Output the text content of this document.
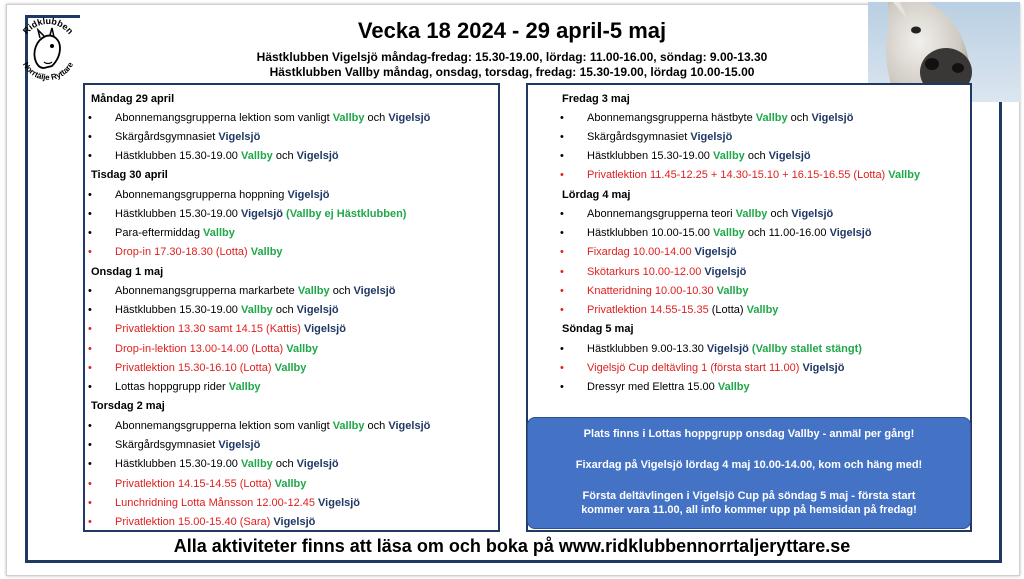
Ridklubben
Norrtälje Ryttare
Vecka 18 2024 - 29 april-5 maj
Hästklubben Vigelsjö måndag-fredag: 15.30-19.00, lördag: 11.00-16.00, söndag: 9.00-13.30
Hästklubben Vallby måndag, onsdag, torsdag, fredag: 15.30-19.00, lördag 10.00-15.00
Måndag 29 april
• Abonnemangsgrupperna lektion som vanligt Vallby och Vigelsjö
• Skärgårdsgymnasiet Vigelsjö
• Hästklubben 15.30-19.00 Vallby och Vigelsjö
Tisdag 30 april
• Abonnemangsgrupperna hoppning Vigelsjö
• Hästklubben 15.30-19.00 Vigelsjö (Vallby ej Hästklubben)
• Para-eftermiddag Vallby
• Drop-in 17.30-18.30 (Lotta) Vallby
Onsdag 1 maj
• Abonnemangsgrupperna markarbete Vallby och Vigelsjö
• Hästklubben 15.30-19.00 Vallby och Vigelsjö
• Privatlektion 13.30 samt 14.15 (Kattis) Vigelsjö
• Drop-in-lektion 13.00-14.00 (Lotta) Vallby
• Privatlektion 15.30-16.10 (Lotta) Vallby
• Lottas hoppgrupp rider Vallby
Torsdag 2 maj
• Abonnemangsgrupperna lektion som vanligt Vallby och Vigelsjö
• Skärgårdsgymnasiet Vigelsjö
• Hästklubben 15.30-19.00 Vallby och Vigelsjö
• Privatlektion 14.15-14.55 (Lotta) Vallby
• Lunchridning Lotta Månsson 12.00-12.45 Vigelsjö
• Privatlektion 15.00-15.40 (Sara) Vigelsjö
Fredag 3 maj
• Abonnemangsgrupperna hästbyte Vallby och Vigelsjö
• Skärgårdsgymnasiet Vigelsjö
• Hästklubben 15.30-19.00 Vallby och Vigelsjö
• Privatlektion 11.45-12.25 + 14.30-15.10 + 16.15-16.55 (Lotta) Vallby
Lördag 4 maj
• Abonnemangsgrupperna teori Vallby och Vigelsjö
• Hästklubben 10.00-15.00 Vallby och 11.00-16.00 Vigelsjö
• Fixardag 10.00-14.00 Vigelsjö
• Skötarkurs 10.00-12.00 Vigelsjö
• Knatteridning 10.00-10.30 Vallby
• Privatlektion 14.55-15.35 (Lotta) Vallby
Söndag 5 maj
• Hästklubben 9.00-13.30 Vigelsjö (Vallby stallet stängt)
• Vigelsjö Cup deltävling 1 (första start 11.00) Vigelsjö
• Dressyr med Elettra 15.00 Vallby
Plats finns i Lottas hoppgrupp onsdag Vallby - anmäl per gång!
Fixardag på Vigelsjö lördag 4 maj 10.00-14.00, kom och häng med!
Första deltävlingen i Vigelsjö Cup på söndag 5 maj - första start
kommer vara 11.00, all info kommer upp på hemsidan på fredag!
Alla aktiviteter finns att läsa om och boka på www.ridklubbennorrtaljeryttare.se
